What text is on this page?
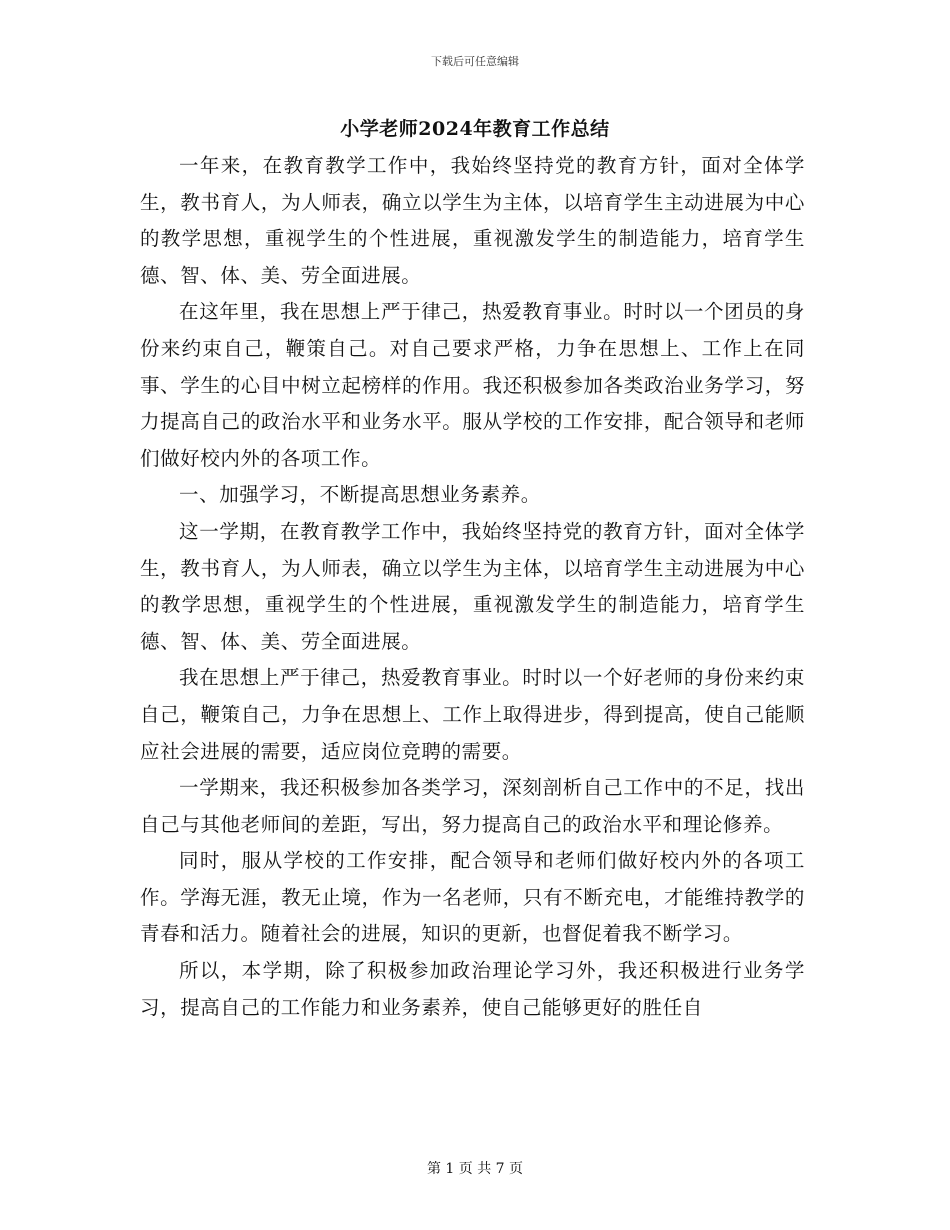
下载后可任意编辑
小学老师2024年教育工作总结

一年来，在教育教学工作中，我始终坚持党的教育方针，面对全体学生，教书育人，为人师表，确立以学生为主体，以培育学生主动进展为中心的教学思想，重视学生的个性进展，重视激发学生的制造能力，培育学生德、智、体、美、劳全面进展。

在这年里，我在思想上严于律己，热爱教育事业。时时以一个团员的身份来约束自己，鞭策自己。对自己要求严格，力争在思想上、工作上在同事、学生的心目中树立起榜样的作用。我还积极参加各类政治业务学习，努力提高自己的政治水平和业务水平。服从学校的工作安排，配合领导和老师们做好校内外的各项工作。

一、加强学习，不断提高思想业务素养。

这一学期，在教育教学工作中，我始终坚持党的教育方针，面对全体学生，教书育人，为人师表，确立以学生为主体，以培育学生主动进展为中心的教学思想，重视学生的个性进展，重视激发学生的制造能力，培育学生德、智、体、美、劳全面进展。

我在思想上严于律己，热爱教育事业。时时以一个好老师的身份来约束自己，鞭策自己，力争在思想上、工作上取得进步，得到提高，使自己能顺应社会进展的需要，适应岗位竞聘的需要。

一学期来，我还积极参加各类学习，深刻剖析自己工作中的不足，找出自己与其他老师间的差距，写出，努力提高自己的政治水平和理论修养。

同时，服从学校的工作安排，配合领导和老师们做好校内外的各项工作。学海无涯，教无止境，作为一名老师，只有不断充电，才能维持教学的青春和活力。随着社会的进展，知识的更新，也督促着我不断学习。

所以，本学期，除了积极参加政治理论学习外，我还积极进行业务学习，提高自己的工作能力和业务素养，使自己能够更好的胜任自

第 1 页 共 7 页
